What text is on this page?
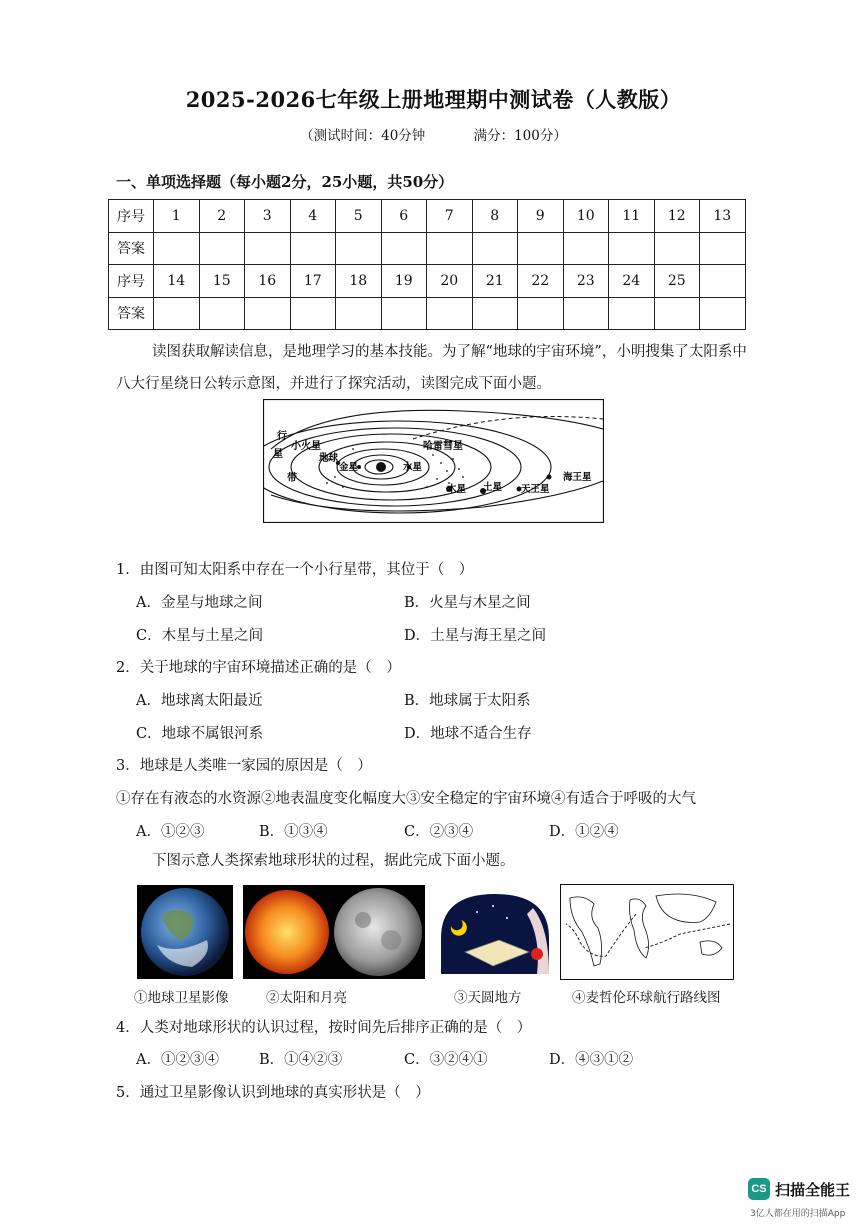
2025-2026七年级上册地理期中测试卷（人教版）
（测试时间：40分钟	满分：100分）
一、单项选择题（每小题2分，25小题，共50分）
序号	1	2	3	4	5	6	7	8	9	10	11	12	13
答案													
序号	14	15	16	17	18	19	20	21	22	23	24	25	
答案													
读图获取解读信息，是地理学习的基本技能。为了解“地球的宇宙环境”，小明搜集了太阳系中
八大行星绕日公转示意图，并进行了探究活动，读图完成下面小题。
行
星
带
小火星
地球
金星	水星
哈雷彗星
木星 土星 天王星
海王星
1．由图可知太阳系中存在一个小行星带，其位于（　）
A．金星与地球之间	B．火星与木星之间
C．木星与土星之间	D．土星与海王星之间
2．关于地球的宇宙环境描述正确的是（　）
A．地球离太阳最近	B．地球属于太阳系
C．地球不属银河系	D．地球不适合生存
3．地球是人类唯一家园的原因是（　）
①存在有液态的水资源②地表温度变化幅度大③安全稳定的宇宙环境④有适合于呼吸的大气
A．①②③	B．①③④	C．②③④	D．①②④
下图示意人类探索地球形状的过程，据此完成下面小题。
①地球卫星影像	②太阳和月亮	③天圆地方	④麦哲伦环球航行路线图
4．人类对地球形状的认识过程，按时间先后排序正确的是（　）
A．①②③④	B．①④②③	C．③②④①	D．④③①②
5．通过卫星影像认识到地球的真实形状是（　）
CS 扫描全能王
3亿人都在用的扫描App
